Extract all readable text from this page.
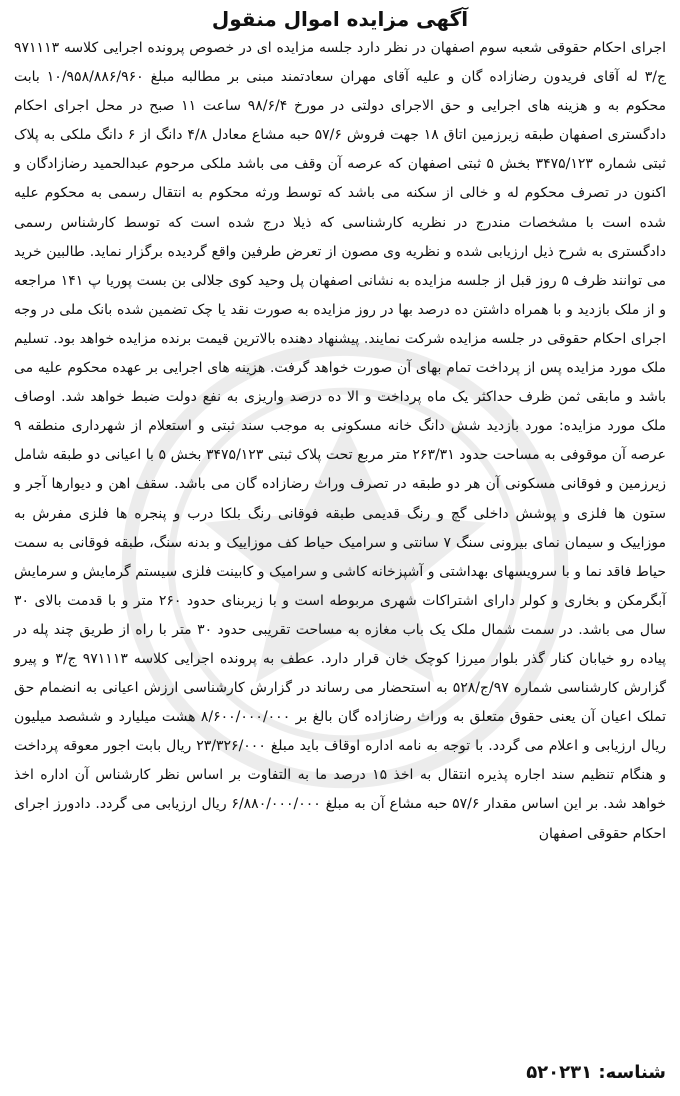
آگهی مزایده اموال منقول

اجرای احکام حقوقی شعبه سوم اصفهان در نظر دارد جلسه مزایده ای در خصوص پرونده اجرایی کلاسه ۹۷۱۱۱۳ ج/۳ له آقای فریدون رضازاده گان و علیه آقای مهران سعادتمند مبنی بر مطالبه مبلغ ۱۰/۹۵۸/۸۸۶/۹۶۰ بابت محکوم به و هزینه های اجرایی و حق الاجرای دولتی در مورخ ۹۸/۶/۴ ساعت ۱۱ صبح در محل اجرای احکام دادگستری اصفهان طبقه زیرزمین اتاق ۱۸ جهت فروش ۵۷/۶ حبه مشاع معادل ۴/۸ دانگ از ۶ دانگ ملکی به پلاک ثبتی شماره ۳۴۷۵/۱۲۳ بخش ۵ ثبتی اصفهان که عرصه آن وقف می باشد ملکی مرحوم عبدالحمید رضازادگان و اکنون در تصرف محکوم له و خالی از سکنه می باشد که توسط ورثه محکوم به انتقال رسمی به محکوم علیه شده است با مشخصات مندرج در نظریه کارشناسی که ذیلا درج شده است که توسط کارشناس رسمی دادگستری به شرح ذیل ارزیابی شده و نظریه وی مصون از تعرض طرفین واقع گردیده برگزار نماید. طالبین خرید می توانند ظرف ۵ روز قبل از جلسه مزایده به نشانی اصفهان پل وحید کوی جلالی بن بست پوریا پ ۱۴۱ مراجعه و از ملک بازدید و با همراه داشتن ده درصد بها در روز مزایده به صورت نقد یا چک تضمین شده بانک ملی در وجه اجرای احکام حقوقی در جلسه مزایده شرکت نمایند. پیشنهاد دهنده بالاترین قیمت برنده مزایده خواهد بود. تسلیم ملک مورد مزایده پس از پرداخت تمام بهای آن صورت خواهد گرفت. هزینه های اجرایی بر عهده محکوم علیه می باشد و مابقی ثمن ظرف حداکثر یک ماه پرداخت و الا ده درصد واریزی به نفع دولت ضبط خواهد شد. اوصاف ملک مورد مزایده: مورد بازدید شش دانگ خانه مسکونی به موجب سند ثبتی و استعلام از شهرداری منطقه ۹ عرصه آن موقوفی به مساحت حدود ۲۶۳/۳۱ متر مربع تحت پلاک ثبتی ۳۴۷۵/۱۲۳ بخش ۵ با اعیانی دو طبقه شامل زیرزمین و فوقانی مسکونی آن هر دو طبقه در تصرف وراث رضازاده گان می باشد. سقف اهن و دیوارها آجر و ستون ها فلزی و پوشش داخلی گچ و رنگ قدیمی طبقه فوقانی رنگ بلکا درب و پنجره ها فلزی مفرش به موزاییک و سیمان نمای بیرونی سنگ ۷ سانتی و سرامیک حیاط کف موزاییک و بدنه سنگ، طبقه فوقانی به سمت حیاط فاقد نما و با سرویسهای بهداشتی و آشپزخانه کاشی و سرامیک و کابینت فلزی سیستم گرمایش و سرمایش آبگرمکن و بخاری و کولر دارای اشتراکات شهری مربوطه است و با زیربنای حدود ۲۶۰ متر و با قدمت بالای ۳۰ سال می باشد. در سمت شمال ملک یک باب مغازه به مساحت تقریبی حدود ۳۰ متر با راه از طریق چند پله در پیاده رو خیابان کنار گذر بلوار میرزا کوچک خان قرار دارد. عطف به پرونده اجرایی کلاسه ۹۷۱۱۱۳ ج/۳ و پیرو گزارش کارشناسی شماره ۹۷/ج/۵۲۸ به استحضار می رساند در گزارش کارشناسی ارزش اعیانی به انضمام حق تملک اعیان آن یعنی حقوق متعلق به وراث رضازاده گان بالغ بر ۸/۶۰۰/۰۰۰/۰۰۰ هشت میلیارد و ششصد میلیون ریال ارزیابی و اعلام می گردد. با توجه به نامه اداره اوقاف باید مبلغ ۲۳/۳۲۶/۰۰۰ ریال بابت اجور معوقه پرداخت و هنگام تنظیم سند اجاره پذیره انتقال به اخذ ۱۵ درصد ما به التفاوت بر اساس نظر کارشناس آن اداره اخذ خواهد شد. بر این اساس مقدار ۵۷/۶ حبه مشاع آن به مبلغ ۶/۸۸۰/۰۰۰/۰۰۰ ریال ارزیابی می گردد. دادورز اجرای احکام حقوقی اصفهان

شناسه: ۵۲۰۲۳۱
